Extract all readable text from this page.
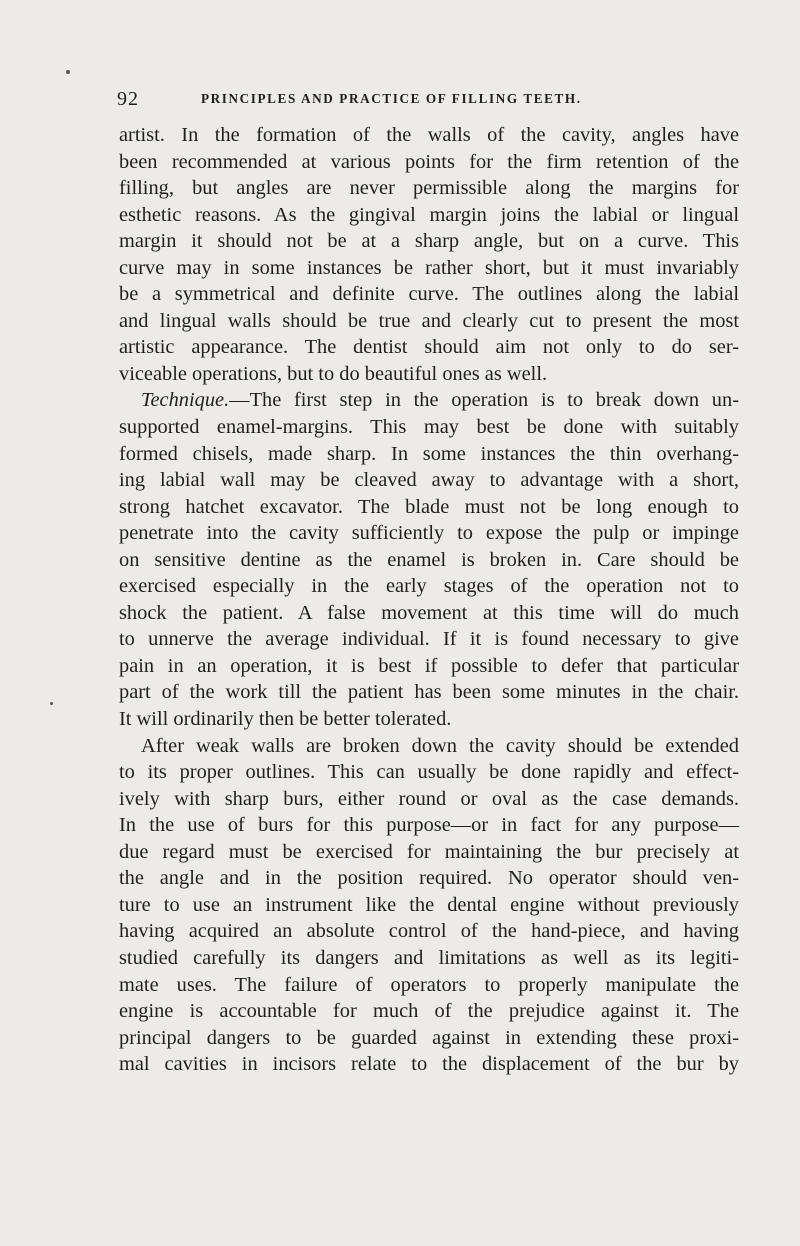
92	PRINCIPLES AND PRACTICE OF FILLING TEETH.
artist. In the formation of the walls of the cavity, angles have
been recommended at various points for the firm retention of the
filling, but angles are never permissible along the margins for
esthetic reasons. As the gingival margin joins the labial or lingual
margin it should not be at a sharp angle, but on a curve. This
curve may in some instances be rather short, but it must invariably
be a symmetrical and definite curve. The outlines along the labial
and lingual walls should be true and clearly cut to present the most
artistic appearance. The dentist should aim not only to do ser-
viceable operations, but to do beautiful ones as well.
Technique.—The first step in the operation is to break down un-
supported enamel-margins. This may best be done with suitably
formed chisels, made sharp. In some instances the thin overhang-
ing labial wall may be cleaved away to advantage with a short,
strong hatchet excavator. The blade must not be long enough to
penetrate into the cavity sufficiently to expose the pulp or impinge
on sensitive dentine as the enamel is broken in. Care should be
exercised especially in the early stages of the operation not to
shock the patient. A false movement at this time will do much
to unnerve the average individual. If it is found necessary to give
pain in an operation, it is best if possible to defer that particular
part of the work till the patient has been some minutes in the chair.
It will ordinarily then be better tolerated.
After weak walls are broken down the cavity should be extended
to its proper outlines. This can usually be done rapidly and effect-
ively with sharp burs, either round or oval as the case demands.
In the use of burs for this purpose—or in fact for any purpose—
due regard must be exercised for maintaining the bur precisely at
the angle and in the position required. No operator should ven-
ture to use an instrument like the dental engine without previously
having acquired an absolute control of the hand-piece, and having
studied carefully its dangers and limitations as well as its legiti-
mate uses. The failure of operators to properly manipulate the
engine is accountable for much of the prejudice against it. The
principal dangers to be guarded against in extending these proxi-
mal cavities in incisors relate to the displacement of the bur by
